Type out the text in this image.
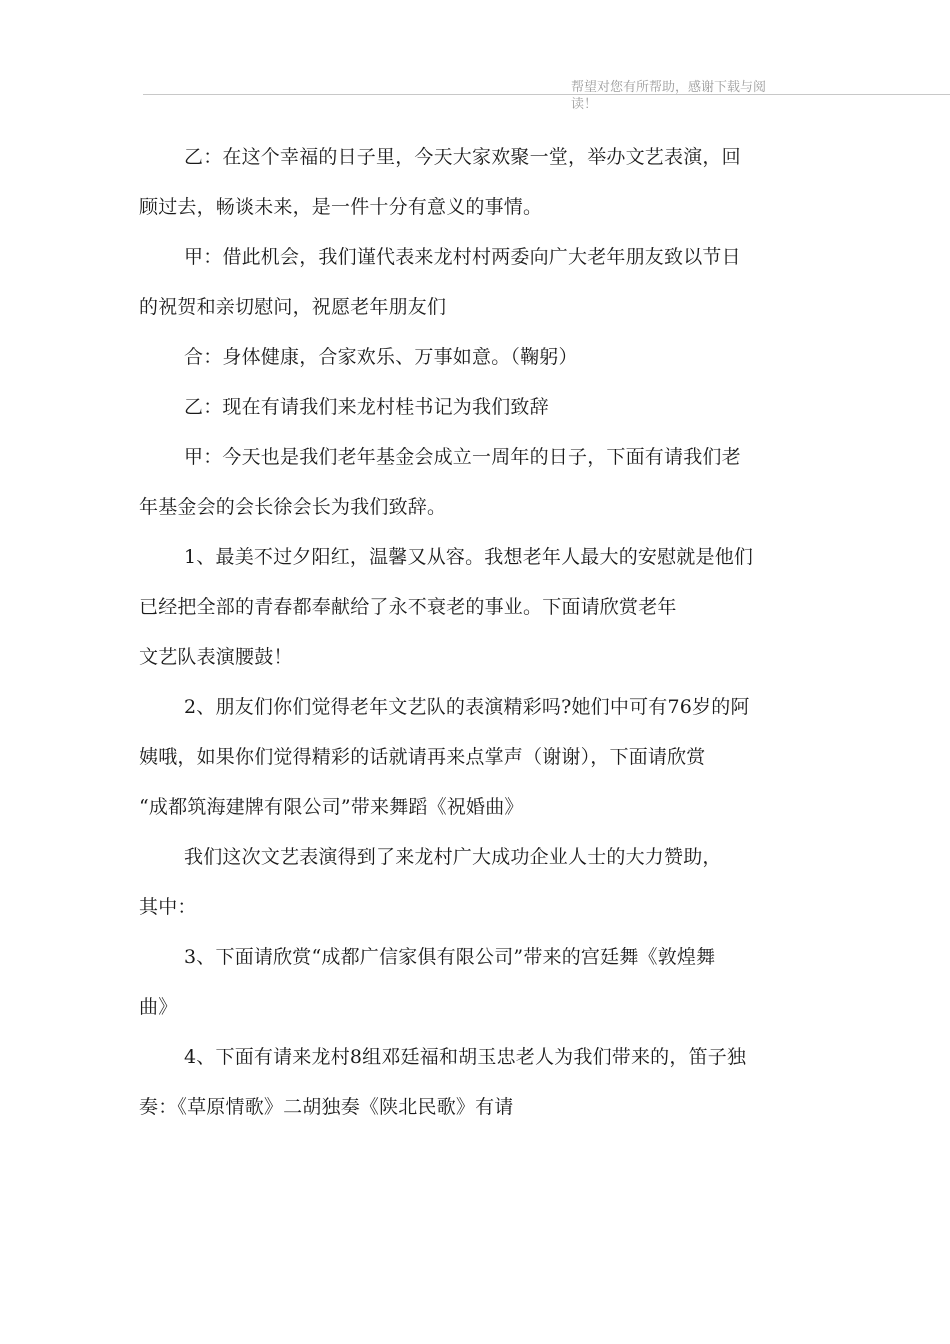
帮望对您有所帮助，感谢下载与阅
读！
乙：在这个幸福的日子里，今天大家欢聚一堂，举办文艺表演，回
顾过去，畅谈未来，是一件十分有意义的事情。
甲：借此机会，我们谨代表来龙村村两委向广大老年朋友致以节日
的祝贺和亲切慰问，祝愿老年朋友们
合：身体健康，合家欢乐、万事如意。（鞠躬）
乙：现在有请我们来龙村桂书记为我们致辞
甲：今天也是我们老年基金会成立一周年的日子，下面有请我们老
年基金会的会长徐会长为我们致辞。
1、最美不过夕阳红，温馨又从容。我想老年人最大的安慰就是他们
已经把全部的青春都奉献给了永不衰老的事业。下面请欣赏老年
文艺队表演腰鼓！
2、朋友们你们觉得老年文艺队的表演精彩吗?她们中可有76岁的阿
姨哦，如果你们觉得精彩的话就请再来点掌声（谢谢），下面请欣赏
“成都筑海建牌有限公司”带来舞蹈《祝婚曲》
我们这次文艺表演得到了来龙村广大成功企业人士的大力赞助，
其中：
3、下面请欣赏“成都广信家俱有限公司”带来的宫廷舞《敦煌舞
曲》
4、下面有请来龙村8组邓廷福和胡玉忠老人为我们带来的，笛子独
奏：《草原情歌》二胡独奏《陕北民歌》有请
